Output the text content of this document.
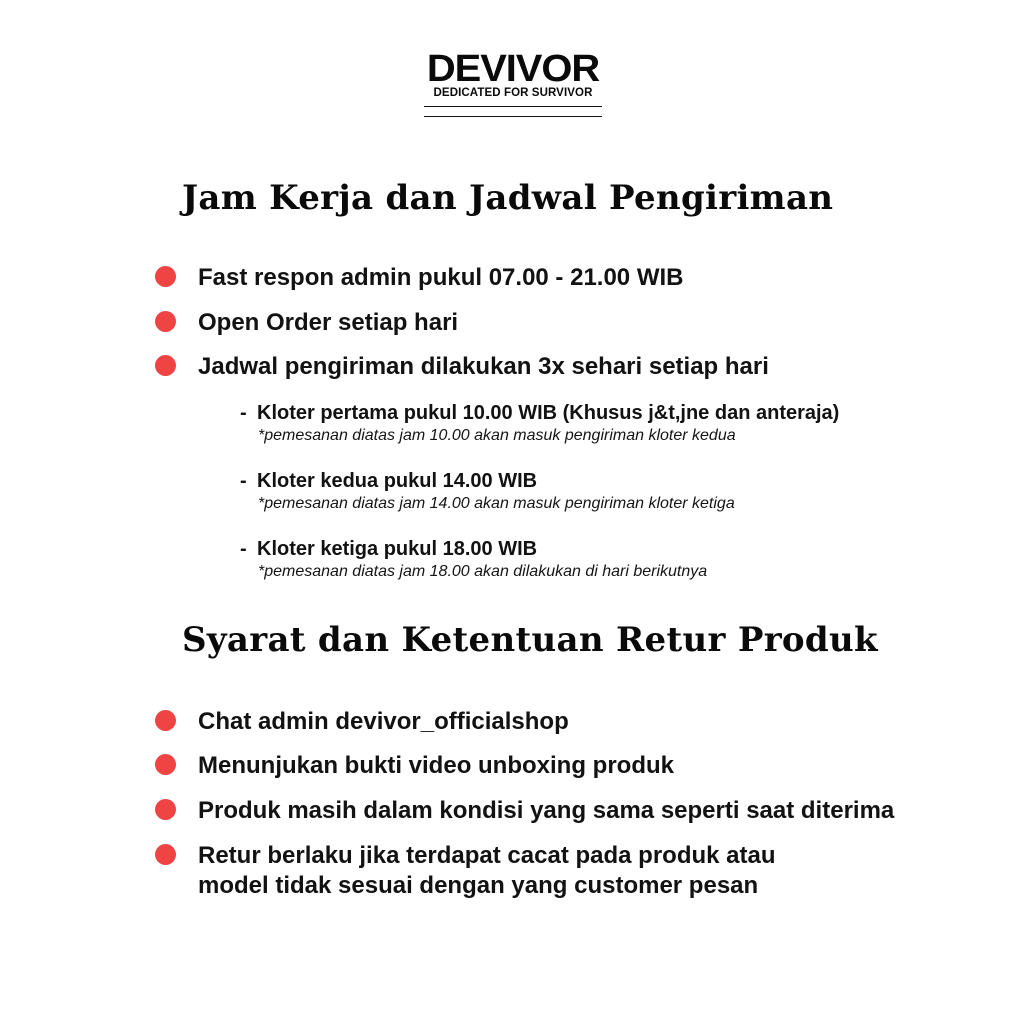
DEVIVOR
DEDICATED FOR SURVIVOR
Jam Kerja dan Jadwal Pengiriman
Fast respon admin pukul 07.00 - 21.00 WIB
Open Order setiap hari
Jadwal pengiriman dilakukan 3x sehari setiap hari
- Kloter pertama pukul 10.00 WIB (Khusus j&t,jne dan anteraja)
*pemesanan diatas jam 10.00 akan masuk pengiriman kloter kedua
- Kloter kedua pukul 14.00 WIB
*pemesanan diatas jam 14.00 akan masuk pengiriman kloter ketiga
- Kloter ketiga pukul 18.00 WIB
*pemesanan diatas jam 18.00 akan dilakukan di hari berikutnya
Syarat dan Ketentuan Retur Produk
Chat admin devivor_officialshop
Menunjukan bukti video unboxing produk
Produk masih dalam kondisi yang sama seperti saat diterima
Retur berlaku jika terdapat cacat pada produk atau
model tidak sesuai dengan yang customer pesan
